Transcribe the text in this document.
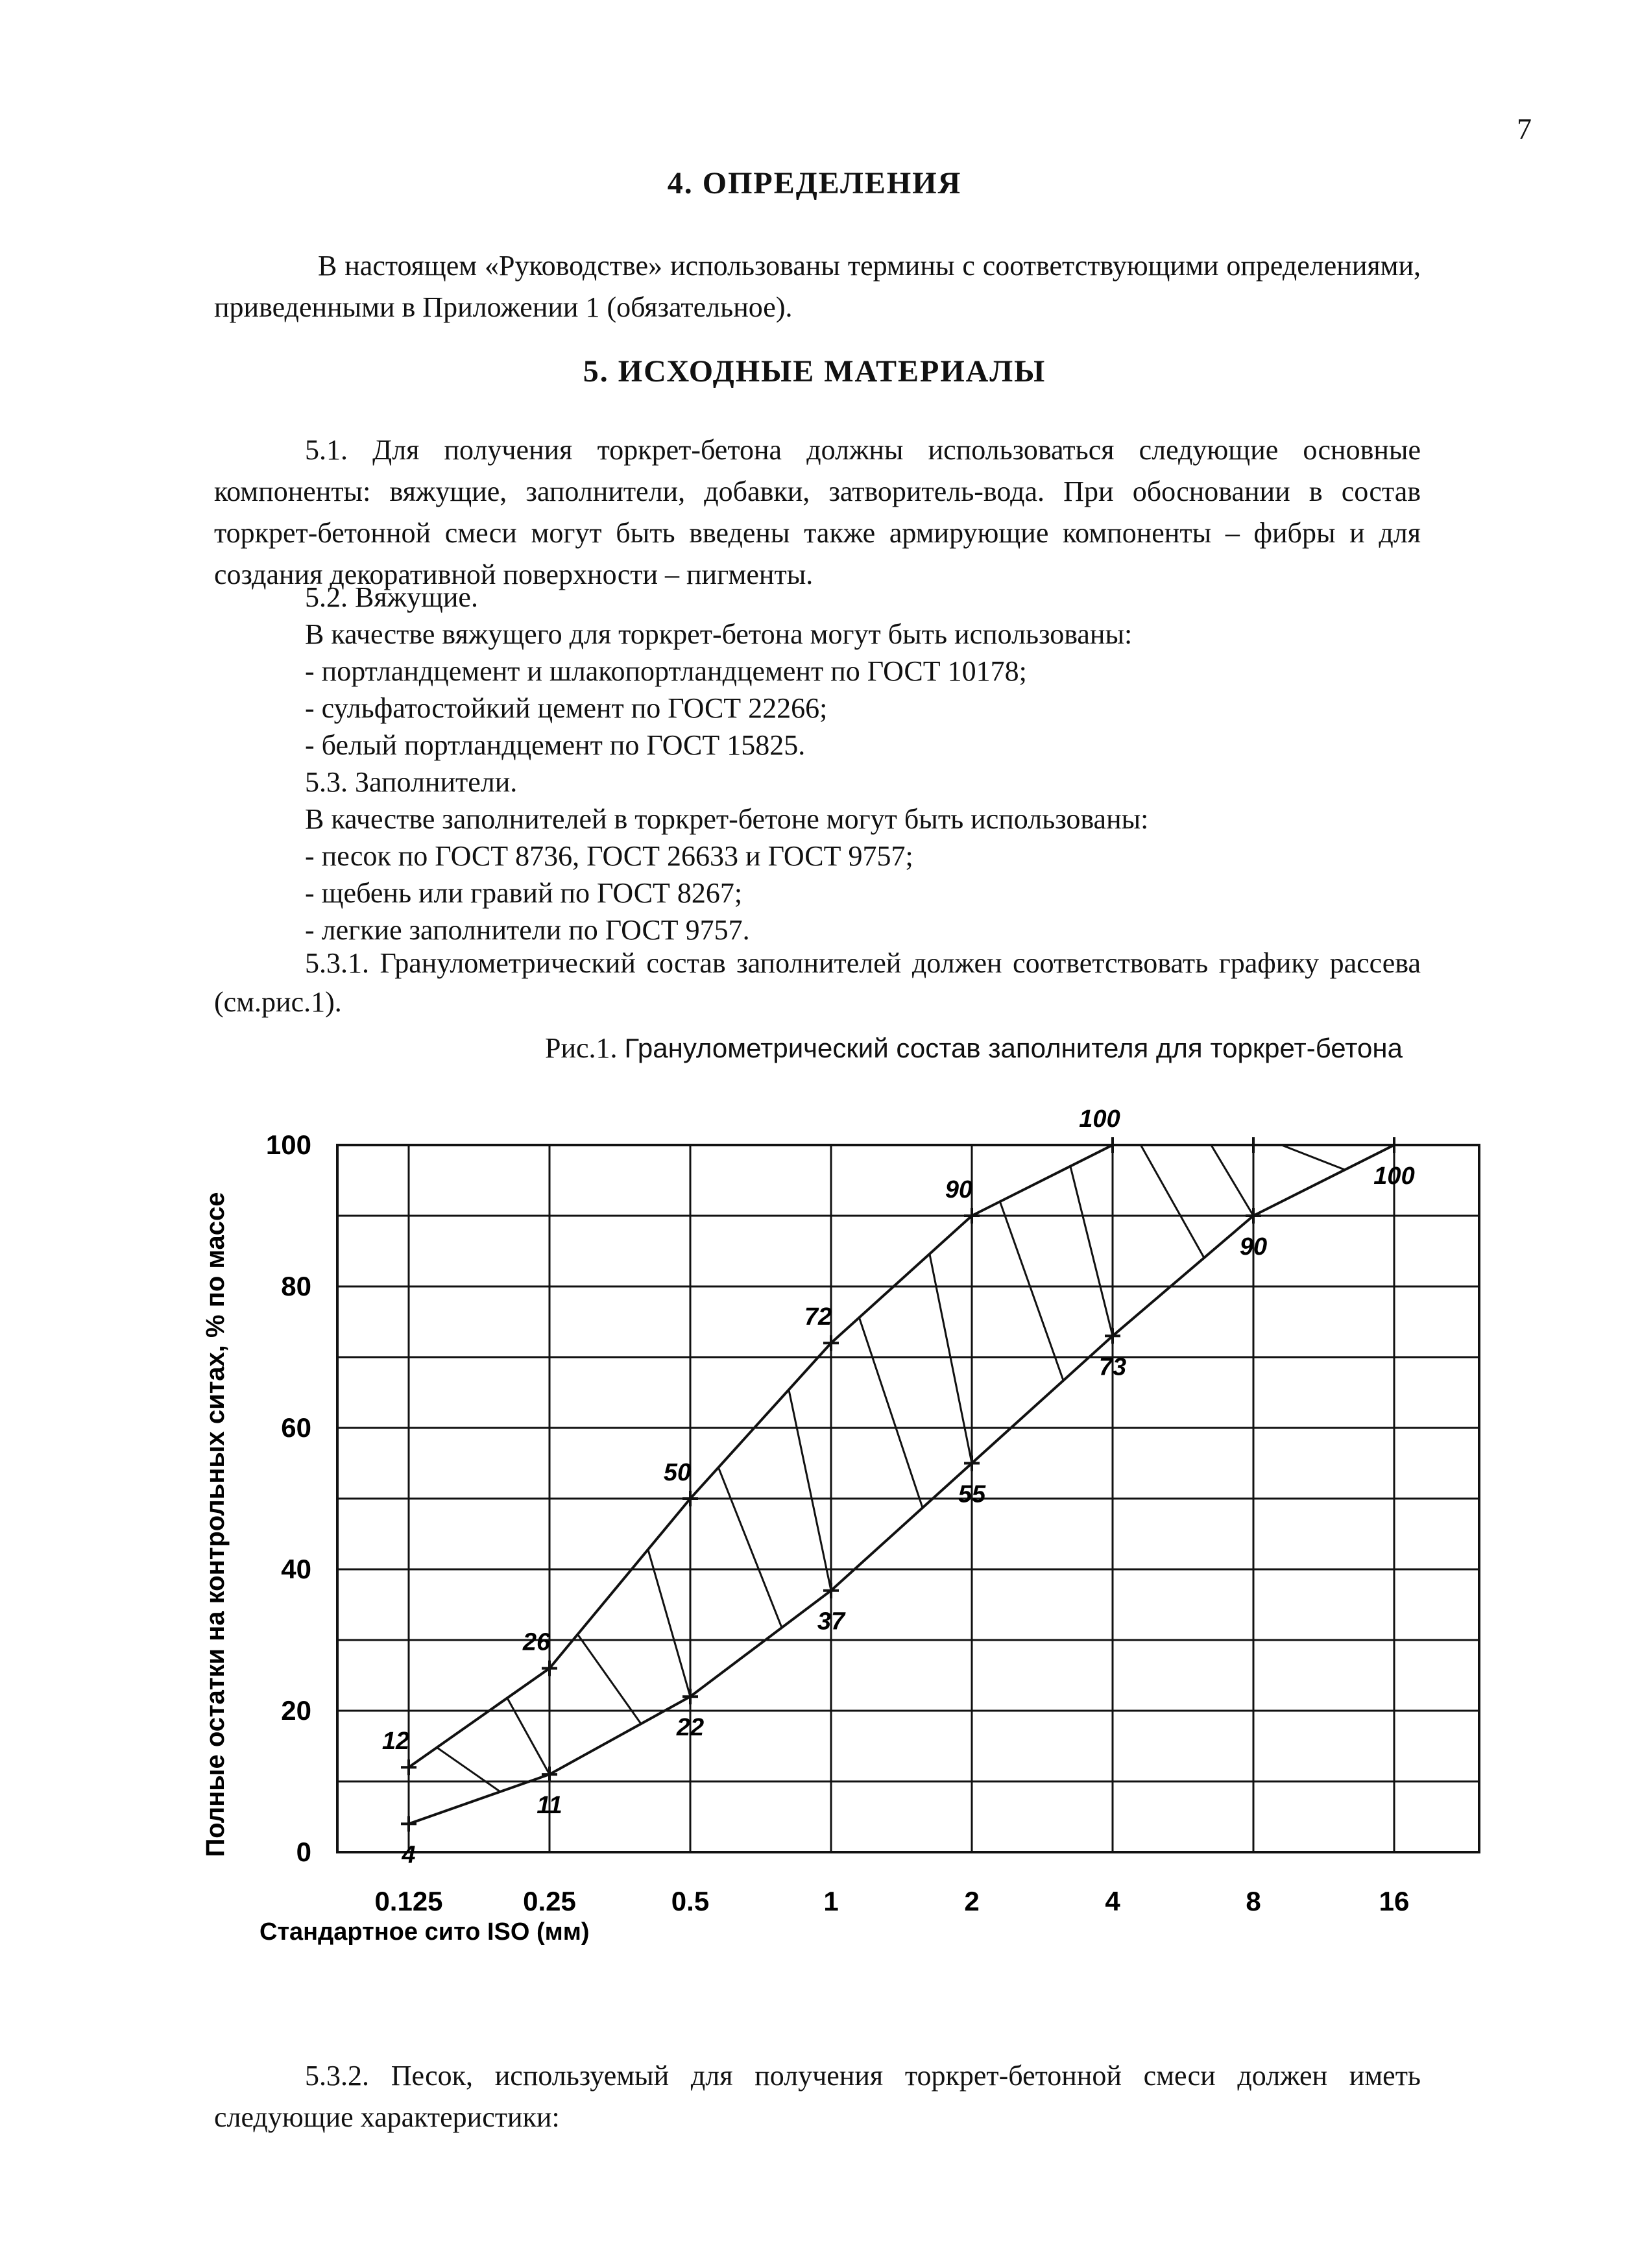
7
4. ОПРЕДЕЛЕНИЯ
В настоящем «Руководстве» использованы термины с соответствующими определениями, приведенными в Приложении 1 (обязательное).
5. ИСХОДНЫЕ МАТЕРИАЛЫ
5.1. Для получения торкрет-бетона должны использоваться следующие основные компоненты: вяжущие, заполнители, добавки, затворитель-вода. При обосновании в состав торкрет-бетонной смеси могут быть введены также армирующие компоненты – фибры и для создания декоративной поверхности – пигменты.
5.2. Вяжущие.
В качестве вяжущего для торкрет-бетона могут быть использованы:
- портландцемент и шлакопортландцемент по ГОСТ 10178;
- сульфатостойкий цемент по ГОСТ 22266;
- белый портландцемент по ГОСТ 15825.
5.3. Заполнители.
В качестве заполнителей в торкрет-бетоне могут быть использованы:
- песок по ГОСТ 8736, ГОСТ 26633 и ГОСТ 9757;
- щебень или гравий по ГОСТ 8267;
- легкие заполнители по ГОСТ 9757.
5.3.1. Гранулометрический состав заполнителей должен соответствовать графику рассева (см.рис.1).
Рис.1. Гранулометрический состав заполнителя для торкрет-бетона
0
20
40
60
80
100
0.125	0.25	0.5	1	2	4	8	16
12
26
50
72
90
100
4
11
22
37
55
73
90
100
Полные остатки на контрольных ситах, % по массе
Стандартное сито ISO (мм)
5.3.2. Песок, используемый для получения торкрет-бетонной смеси должен иметь следующие характеристики:
